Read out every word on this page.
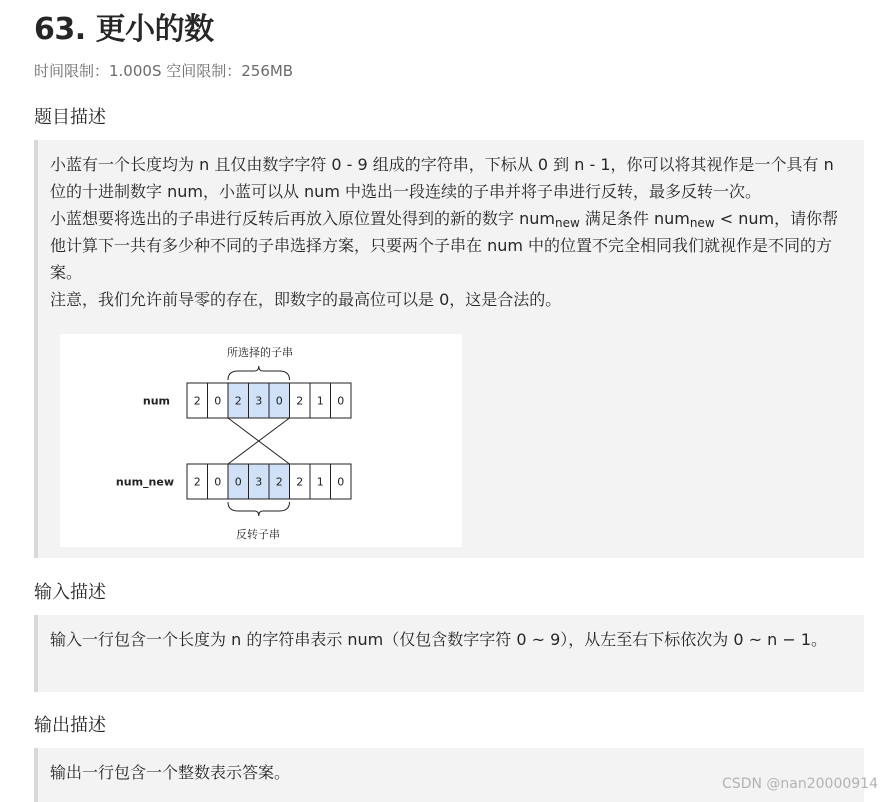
63. 更小的数
时间限制：1.000S 空间限制：256MB
题目描述

小蓝有一个长度均为 n 且仅由数字字符 0 - 9 组成的字符串，下标从 0 到 n - 1，你可以将其视作是一个具有 n 位的十进制数字 num，小蓝可以从 num 中选出一段连续的子串并将子串进行反转，最多反转一次。

小蓝想要将选出的子串进行反转后再放入原位置处得到的新的数字 num$_{new}$ 满足条件 num$_{new}$ < num，请你帮他计算下一共有多少种不同的子串选择方案，只要两个子串在 num 中的位置不完全相同我们就视作是不同的方案。

注意，我们允许前导零的存在，即数字的最高位可以是 0，这是合法的。

所选择的子串
num
num_new
2 0 2 3 0 2 1 0
2 0 0 3 2 2 1 0
反转子串
输入描述

输入一行包含一个长度为 n 的字符串表示 num（仅包含数字字符 0 ~ 9），从左至右下标依次为 0 ~ n − 1。

输出描述

输出一行包含一个整数表示答案。

CSDN @nan20000914
